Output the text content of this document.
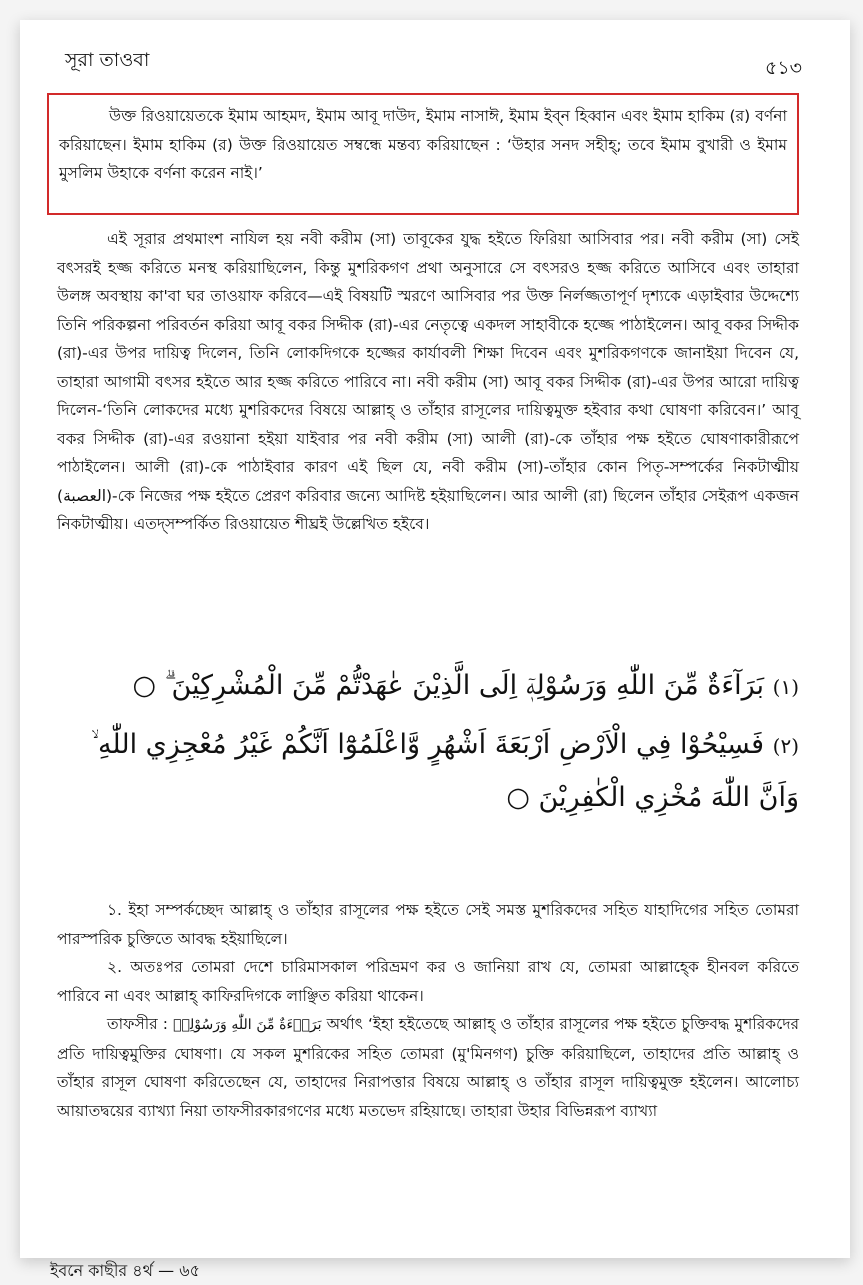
সূরা তাওবা	৫১৩

উক্ত রিওয়ায়েতকে ইমাম আহমদ, ইমাম আবূ দাউদ, ইমাম নাসাঈ, ইমাম ইব্ন হিব্বান এবং ইমাম হাকিম (র) বর্ণনা করিয়াছেন। ইমাম হাকিম (র) উক্ত রিওয়ায়েত সম্বন্ধে মন্তব্য করিয়াছেন : ‘উহার সনদ সহীহ্; তবে ইমাম বুখারী ও ইমাম মুসলিম উহাকে বর্ণনা করেন নাই।’

এই সূরার প্রথমাংশ নাযিল হয় নবী করীম (সা) তাবূকের যুদ্ধ হইতে ফিরিয়া আসিবার পর। নবী করীম (সা) সেই বৎসরই হজ্জ করিতে মনস্থ করিয়াছিলেন, কিন্তু মুশরিকগণ প্রথা অনুসারে সে বৎসরও হজ্জ করিতে আসিবে এবং তাহারা উলঙ্গ অবস্থায় কা'বা ঘর তাওয়াফ করিবে—এই বিষয়টি স্মরণে আসিবার পর উক্ত নির্লজ্জতাপূর্ণ দৃশ্যকে এড়াইবার উদ্দেশ্যে তিনি পরিকল্পনা পরিবর্তন করিয়া আবূ বকর সিদ্দীক (রা)-এর নেতৃত্বে একদল সাহাবীকে হজ্জে পাঠাইলেন। আবূ বকর সিদ্দীক (রা)-এর উপর দায়িত্ব দিলেন, তিনি লোকদিগকে হজ্জের কার্যাবলী শিক্ষা দিবেন এবং মুশরিকগণকে জানাইয়া দিবেন যে, তাহারা আগামী বৎসর হইতে আর হজ্জ করিতে পারিবে না। নবী করীম (সা) আবূ বকর সিদ্দীক (রা)-এর উপর আরো দায়িত্ব দিলেন-‘তিনি লোকদের মধ্যে মুশরিকদের বিষয়ে আল্লাহ্ ও তাঁহার রাসূলের দায়িত্বমুক্ত হইবার কথা ঘোষণা করিবেন।’ আবূ বকর সিদ্দীক (রা)-এর রওয়ানা হইয়া যাইবার পর নবী করীম (সা) আলী (রা)-কে তাঁহার পক্ষ হইতে ঘোষণাকারীরূপে পাঠাইলেন। আলী (রা)-কে পাঠাইবার কারণ এই ছিল যে, নবী করীম (সা)-তাঁহার কোন পিতৃ-সম্পর্কের নিকটাত্মীয় (العصبة)-কে নিজের পক্ষ হইতে প্রেরণ করিবার জন্যে আদিষ্ট হইয়াছিলেন। আর আলী (রা) ছিলেন তাঁহার সেইরূপ একজন নিকটাত্মীয়। এতদ্সম্পর্কিত রিওয়ায়েত শীঘ্রই উল্লেখিত হইবে।

(١) بَرَآءَةٌ مِّنَ اللّٰهِ وَرَسُوْلِهٖٓ اِلَى الَّذِيْنَ عٰهَدْتُّمْ مِّنَ الْمُشْرِكِيْنَ ۗ ○
(٢) فَسِيْحُوْا فِي الْاَرْضِ اَرْبَعَةَ اَشْهُرٍ وَّاعْلَمُوْٓا اَنَّكُمْ غَيْرُ مُعْجِزِي اللّٰهِ ۙ وَاَنَّ اللّٰهَ مُخْزِي الْكٰفِرِيْنَ ○

১. ইহা সম্পর্কচ্ছেদ আল্লাহ্ ও তাঁহার রাসূলের পক্ষ হইতে সেই সমস্ত মুশরিকদের সহিত যাহাদিগের সহিত তোমরা পারস্পরিক চুক্তিতে আবদ্ধ হইয়াছিলে।

২. অতঃপর তোমরা দেশে চারিমাসকাল পরিভ্রমণ কর ও জানিয়া রাখ যে, তোমরা আল্লাহ্কে হীনবল করিতে পারিবে না এবং আল্লাহ্ কাফিরদিগকে লাঞ্ছিত করিয়া থাকেন।

তাফসীর : بَرَاۤءَةٌ مِّنَ اللّٰهِ وَرَسُوْلِهٖ অর্থাৎ ‘ইহা হইতেছে আল্লাহ্ ও তাঁহার রাসূলের পক্ষ হইতে চুক্তিবদ্ধ মুশরিকদের প্রতি দায়িত্বমুক্তির ঘোষণা। যে সকল মুশরিকের সহিত তোমরা (মু'মিনগণ) চুক্তি করিয়াছিলে, তাহাদের প্রতি আল্লাহ্ ও তাঁহার রাসূল ঘোষণা করিতেছেন যে, তাহাদের নিরাপত্তার বিষয়ে আল্লাহ্ ও তাঁহার রাসূল দায়িত্বমুক্ত হইলেন। আলোচ্য আয়াতদ্বয়ের ব্যাখ্যা নিয়া তাফসীরকারগণের মধ্যে মতভেদ রহিয়াছে। তাহারা উহার বিভিন্নরূপ ব্যাখ্যা

ইবনে কাছীর ৪র্থ — ৬৫
